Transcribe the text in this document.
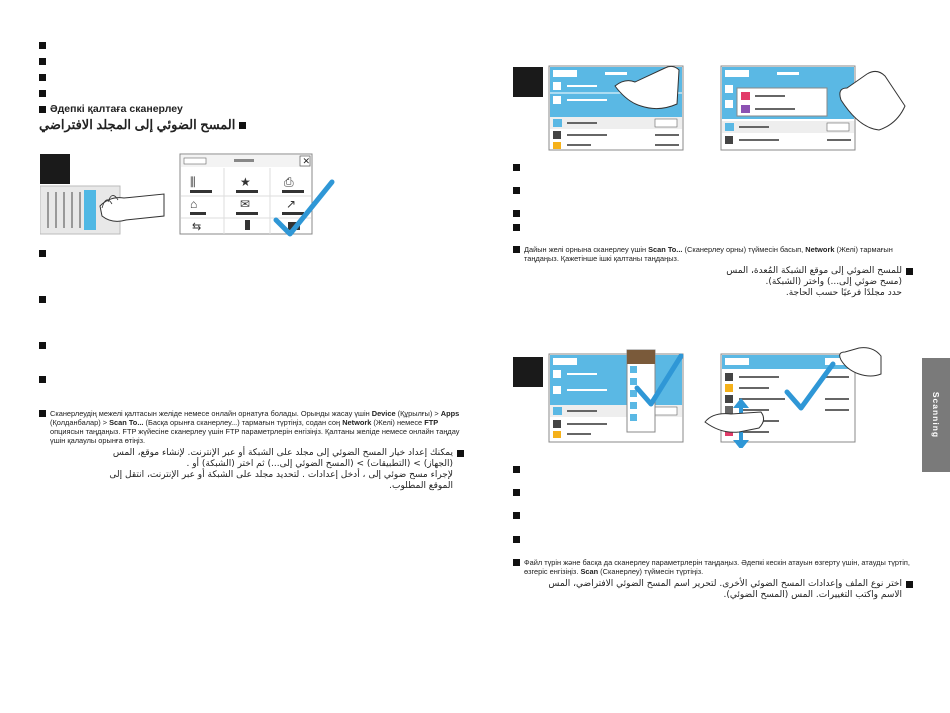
Әдепкі қалтаға сканерлеу
المسح الضوئي إلى المجلد الافتراضي
✕
⫼	★	⎙
⌂	✉	↗
⇆
Сканерлеудің межелі қалтасын желіде немесе онлайн орнатуға болады. Орынды жасау үшін Device (Құрылғы) > Apps (Қолданбалар) > Scan To... (Басқа орынға сканерлеу...) тармағын түртіңіз, содан соң Network (Желі) немесе FTP опциясын таңдаңыз. FTP жүйесіне сканерлеу үшін FTP параметрлерін енгізіңіз. Қалтаны желіде немесе онлайн таңдау үшін қалаулы орынға өтіңіз.
يمكنك إعداد خيار المسح الضوئي إلى مجلد على الشبكة أو عبر الإنترنت. لإنشاء موقع، المس
(الجهاز) > (التطبيقات) > (المسح الضوئي إلى...) ثم اختر (الشبكة) أو .
لإجراء مسح ضوئي إلى ، أدخل إعدادات . لتحديد مجلد على الشبكة أو عبر الإنترنت، انتقل إلى
الموقع المطلوب.
Дайын желі орнына сканерлеу үшін Scan To... (Сканерлеу орны) түймесін басып, Network (Желі) тармағын таңдаңыз. Қажетінше ішкі қалтаны таңдаңыз.
للمسح الضوئي إلى موقع الشبكة المُعدة، المس
(مسح ضوئي إلى...) واختر (الشبكة).
حدد مجلدًا فرعيًا حسب الحاجة.
Файл түрін және басқа да сканерлеу параметрлерін таңдаңыз. Әдепкі кескін атауын өзгерту үшін, атауды түртіп, өзгеріс енгізіңіз. Scan (Сканерлеу) түймесін түртіңіз.
اختر نوع الملف وإعدادات المسح الضوئي الأخرى. لتحرير اسم المسح الضوئي الافتراضي، المس
الاسم واكتب التغييرات. المس (المسح الضوئي).
Scanning
